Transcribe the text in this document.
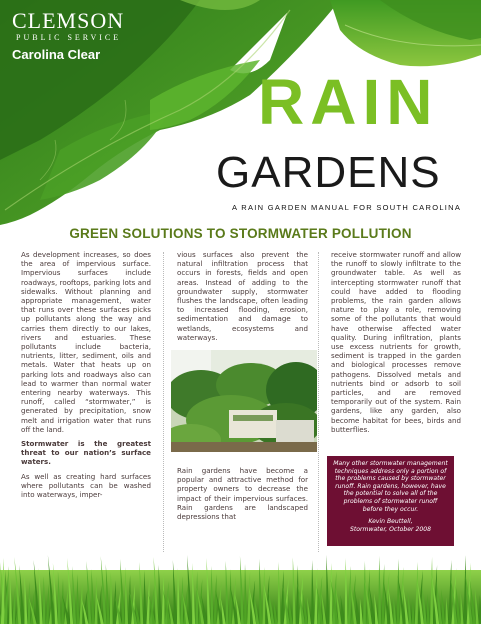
CLEMSON
PUBLIC SERVICE
Carolina Clear
RAIN
GARDENS
A RAIN GARDEN MANUAL FOR SOUTH CAROLINA
GREEN SOLUTIONS TO STORMWATER POLLUTION

As development increases, so does the area of impervious surface. Impervious surfaces include roadways, rooftops, parking lots and sidewalks. Without planning and appropriate management, water that runs over these surfaces picks up pollutants along the way and carries them directly to our lakes, rivers and estuaries. These pollutants include bacteria, nutrients, litter, sediment, oils and metals. Water that heats up on parking lots and roadways also can lead to warmer than normal water entering nearby waterways. This runoff, called “stormwater,” is generated by precipitation, snow melt and irrigation water that runs off the land.

Stormwater is the greatest threat to our nation’s surface waters.

As well as creating hard surfaces where pollutants can be washed into waterways, imper-

vious surfaces also prevent the natural infiltration process that occurs in forests, fields and open areas. Instead of adding to the groundwater supply, stormwater flushes the landscape, often leading to increased flooding, erosion, sedimentation and damage to wetlands, ecosystems and waterways.

Rain gardens have become a popular and attractive method for property owners to decrease the impact of their impervious surfaces. Rain gardens are landscaped depressions that

receive stormwater runoff and allow the runoff to slowly infiltrate to the groundwater table. As well as intercepting stormwater runoff that could have added to flooding problems, the rain garden allows nature to play a role, removing some of the pollutants that would have otherwise affected water quality. During infiltration, plants use excess nutrients for growth, sediment is trapped in the garden and biological processes remove pathogens. Dissolved metals and nutrients bind or adsorb to soil particles, and are removed temporarily out of the system. Rain gardens, like any garden, also become habitat for bees, birds and butterflies.

Many other stormwater management techniques address only a portion of the problems caused by stormwater runoff. Rain gardens, however, have the potential to solve all of the problems of stormwater runoff before they occur.
Kevin Beuttell,
Stormwater, October 2008
